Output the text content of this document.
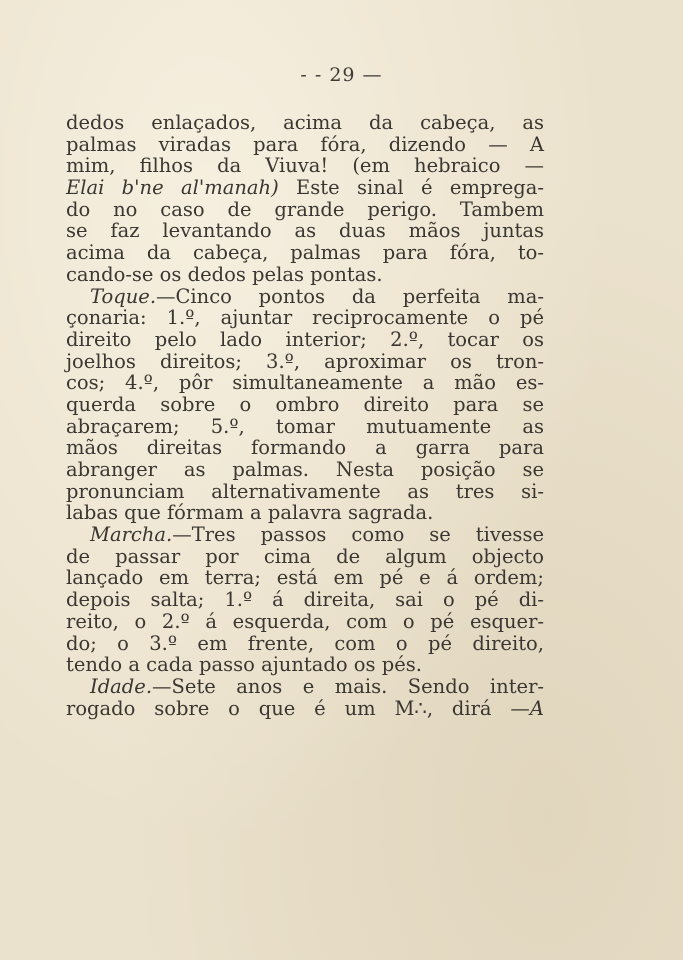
- - 29 —
dedos enlaçados, acima da cabeça, as
palmas viradas para fóra, dizendo — A
mim, filhos da Viuva! (em hebraico —
Elai b'ne al'manah) Este sinal é emprega-
do no caso de grande perigo. Tambem
se faz levantando as duas mãos juntas
acima da cabeça, palmas para fóra, to-
cando-se os dedos pelas pontas.
Toque.—Cinco pontos da perfeita ma-
çonaria: 1.º, ajuntar reciprocamente o pé
direito pelo lado interior; 2.º, tocar os
joelhos direitos; 3.º, aproximar os tron-
cos; 4.º, pôr simultaneamente a mão es-
querda sobre o ombro direito para se
abraçarem; 5.º, tomar mutuamente as
mãos direitas formando a garra para
abranger as palmas. Nesta posição se
pronunciam alternativamente as tres si-
labas que fórmam a palavra sagrada.
Marcha.—Tres passos como se tivesse
de passar por cima de algum objecto
lançado em terra; está em pé e á ordem;
depois salta; 1.º á direita, sai o pé di-
reito, o 2.º á esquerda, com o pé esquer-
do; o 3.º em frente, com o pé direito,
tendo a cada passo ajuntado os pés.
Idade.—Sete anos e mais. Sendo inter-
rogado sobre o que é um M∴, dirá —A
